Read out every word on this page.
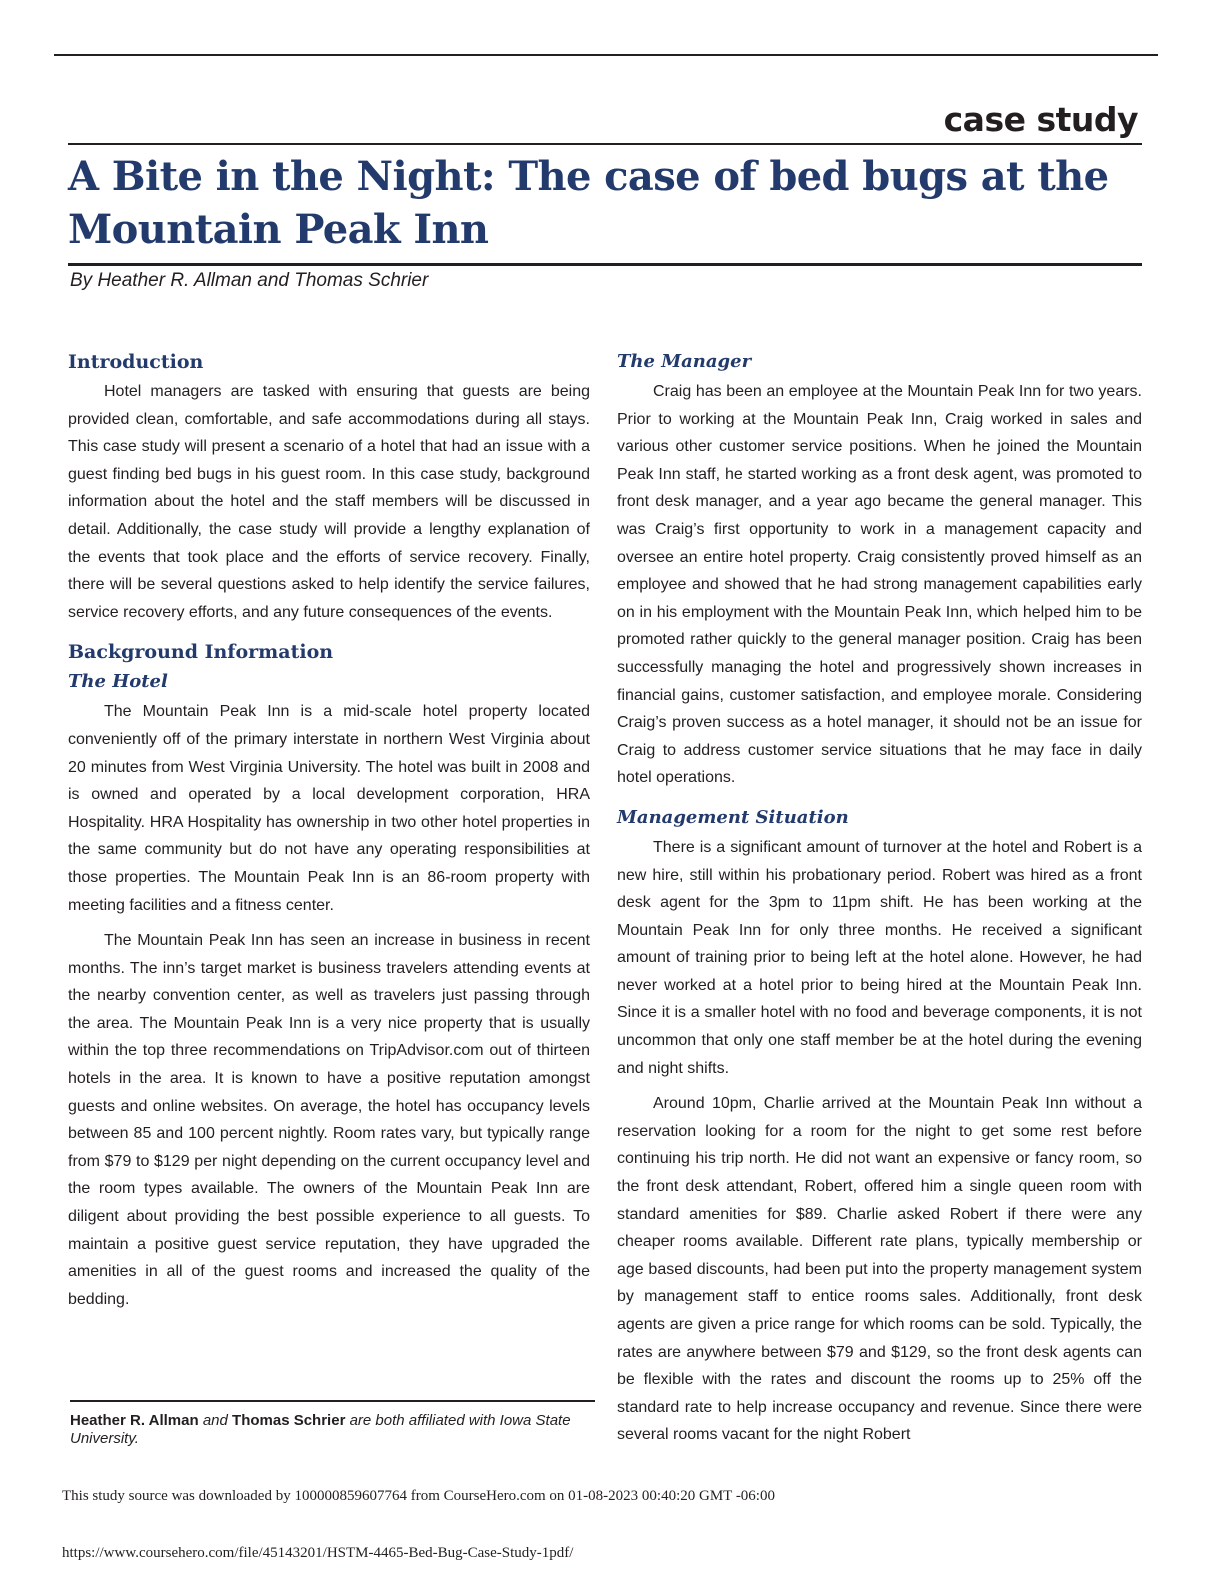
case study
A Bite in the Night: The case of bed bugs at the Mountain Peak Inn
By Heather R. Allman and Thomas Schrier
Introduction

Hotel managers are tasked with ensuring that guests are being provided clean, comfortable, and safe accommodations during all stays. This case study will present a scenario of a hotel that had an issue with a guest finding bed bugs in his guest room. In this case study, background information about the hotel and the staff members will be discussed in detail. Additionally, the case study will provide a lengthy explanation of the events that took place and the efforts of service recovery. Finally, there will be several questions asked to help identify the service failures, service recovery efforts, and any future consequences of the events.

Background Information
The Hotel

The Mountain Peak Inn is a mid-scale hotel property located conveniently off of the primary interstate in northern West Virginia about 20 minutes from West Virginia University. The hotel was built in 2008 and is owned and operated by a local development corporation, HRA Hospitality. HRA Hospitality has ownership in two other hotel properties in the same community but do not have any operating responsibilities at those properties. The Mountain Peak Inn is an 86-room property with meeting facilities and a fitness center.

The Mountain Peak Inn has seen an increase in business in recent months. The inn’s target market is business travelers attending events at the nearby convention center, as well as travelers just passing through the area. The Mountain Peak Inn is a very nice property that is usually within the top three recommendations on TripAdvisor.com out of thirteen hotels in the area. It is known to have a positive reputation amongst guests and online websites. On average, the hotel has occupancy levels between 85 and 100 percent nightly. Room rates vary, but typically range from $79 to $129 per night depending on the current occupancy level and the room types available. The owners of the Mountain Peak Inn are diligent about providing the best possible experience to all guests. To maintain a positive guest service reputation, they have upgraded the amenities in all of the guest rooms and increased the quality of the bedding.

The Manager

Craig has been an employee at the Mountain Peak Inn for two years. Prior to working at the Mountain Peak Inn, Craig worked in sales and various other customer service positions. When he joined the Mountain Peak Inn staff, he started working as a front desk agent, was promoted to front desk manager, and a year ago became the general manager. This was Craig’s first opportunity to work in a management capacity and oversee an entire hotel property. Craig consistently proved himself as an employee and showed that he had strong management capabilities early on in his employment with the Mountain Peak Inn, which helped him to be promoted rather quickly to the general manager position. Craig has been successfully managing the hotel and progressively shown increases in financial gains, customer satisfaction, and employee morale. Considering Craig’s proven success as a hotel manager, it should not be an issue for Craig to address customer service situations that he may face in daily hotel operations.

Management Situation

There is a significant amount of turnover at the hotel and Robert is a new hire, still within his probationary period. Robert was hired as a front desk agent for the 3pm to 11pm shift. He has been working at the Mountain Peak Inn for only three months. He received a significant amount of training prior to being left at the hotel alone. However, he had never worked at a hotel prior to being hired at the Mountain Peak Inn. Since it is a smaller hotel with no food and beverage components, it is not uncommon that only one staff member be at the hotel during the evening and night shifts.

Around 10pm, Charlie arrived at the Mountain Peak Inn without a reservation looking for a room for the night to get some rest before continuing his trip north. He did not want an expensive or fancy room, so the front desk attendant, Robert, offered him a single queen room with standard amenities for $89. Charlie asked Robert if there were any cheaper rooms available. Different rate plans, typically membership or age based discounts, had been put into the property management system by management staff to entice rooms sales. Additionally, front desk agents are given a price range for which rooms can be sold. Typically, the rates are anywhere between $79 and $129, so the front desk agents can be flexible with the rates and discount the rooms up to 25% off the standard rate to help increase occupancy and revenue. Since there were several rooms vacant for the night Robert

Heather R. Allman and Thomas Schrier are both affiliated with Iowa State University.
This study source was downloaded by 100000859607764 from CourseHero.com on 01-08-2023 00:40:20 GMT -06:00
https://www.coursehero.com/file/45143201/HSTM-4465-Bed-Bug-Case-Study-1pdf/
